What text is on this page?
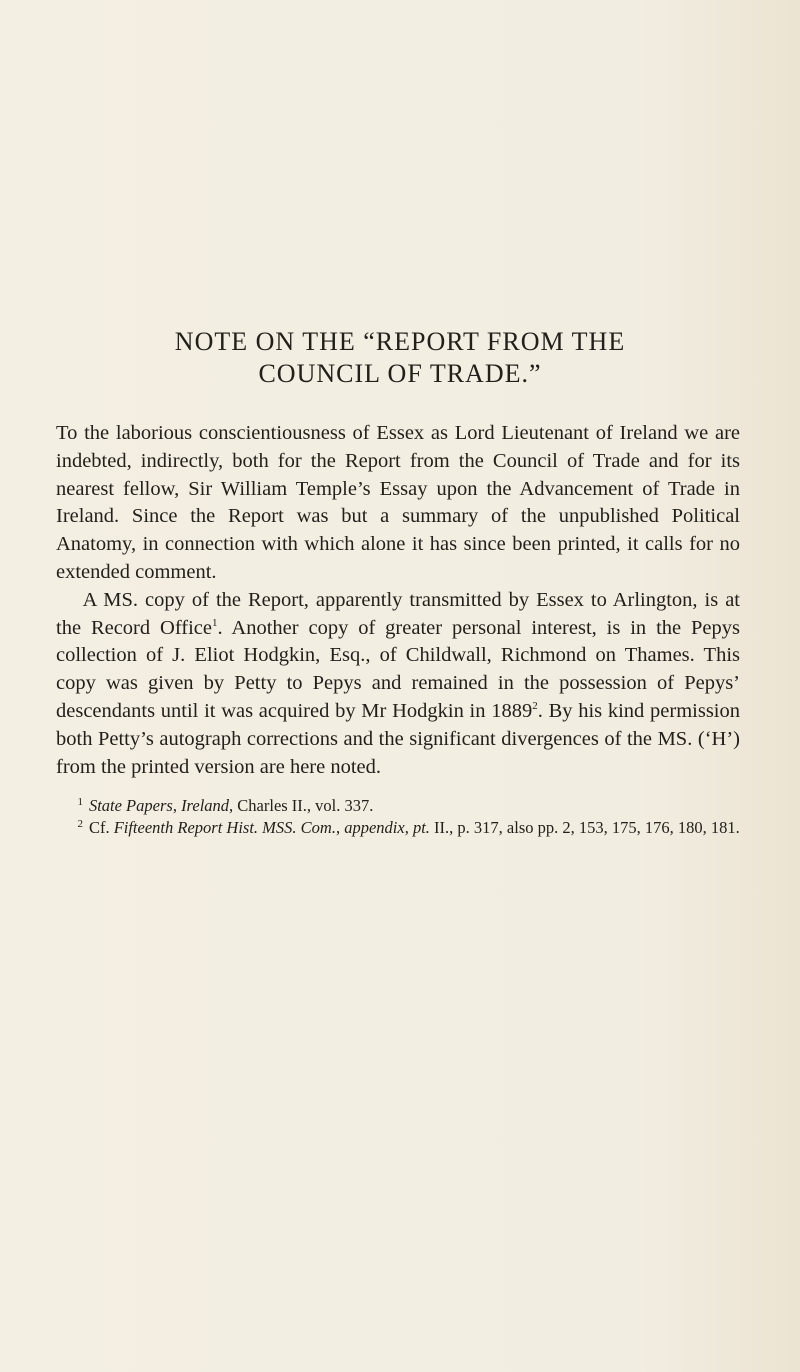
NOTE ON THE “REPORT FROM THE
COUNCIL OF TRADE.”

To the laborious conscientiousness of Essex as Lord Lieutenant of Ireland we are indebted, indirectly, both for the Report from the Council of Trade and for its nearest fellow, Sir William Temple’s Essay upon the Advancement of Trade in Ireland. Since the Report was but a summary of the unpublished Political Anatomy, in connection with which alone it has since been printed, it calls for no extended comment.

A MS. copy of the Report, apparently transmitted by Essex to Arlington, is at the Record Office$^1$. Another copy of greater personal interest, is in the Pepys collection of J. Eliot Hodgkin, Esq., of Childwall, Richmond on Thames. This copy was given by Petty to Pepys and remained in the possession of Pepys’ descendants until it was acquired by Mr Hodgkin in 1889$^2$. By his kind permission both Petty’s autograph corrections and the significant divergences of the MS. (‘H’) from the printed version are here noted.

$^1$ State Papers, Ireland, Charles II., vol. 337.

$^2$ Cf. Fifteenth Report Hist. MSS. Com., appendix, pt. II., p. 317, also pp. 2, 153, 175, 176, 180, 181.
